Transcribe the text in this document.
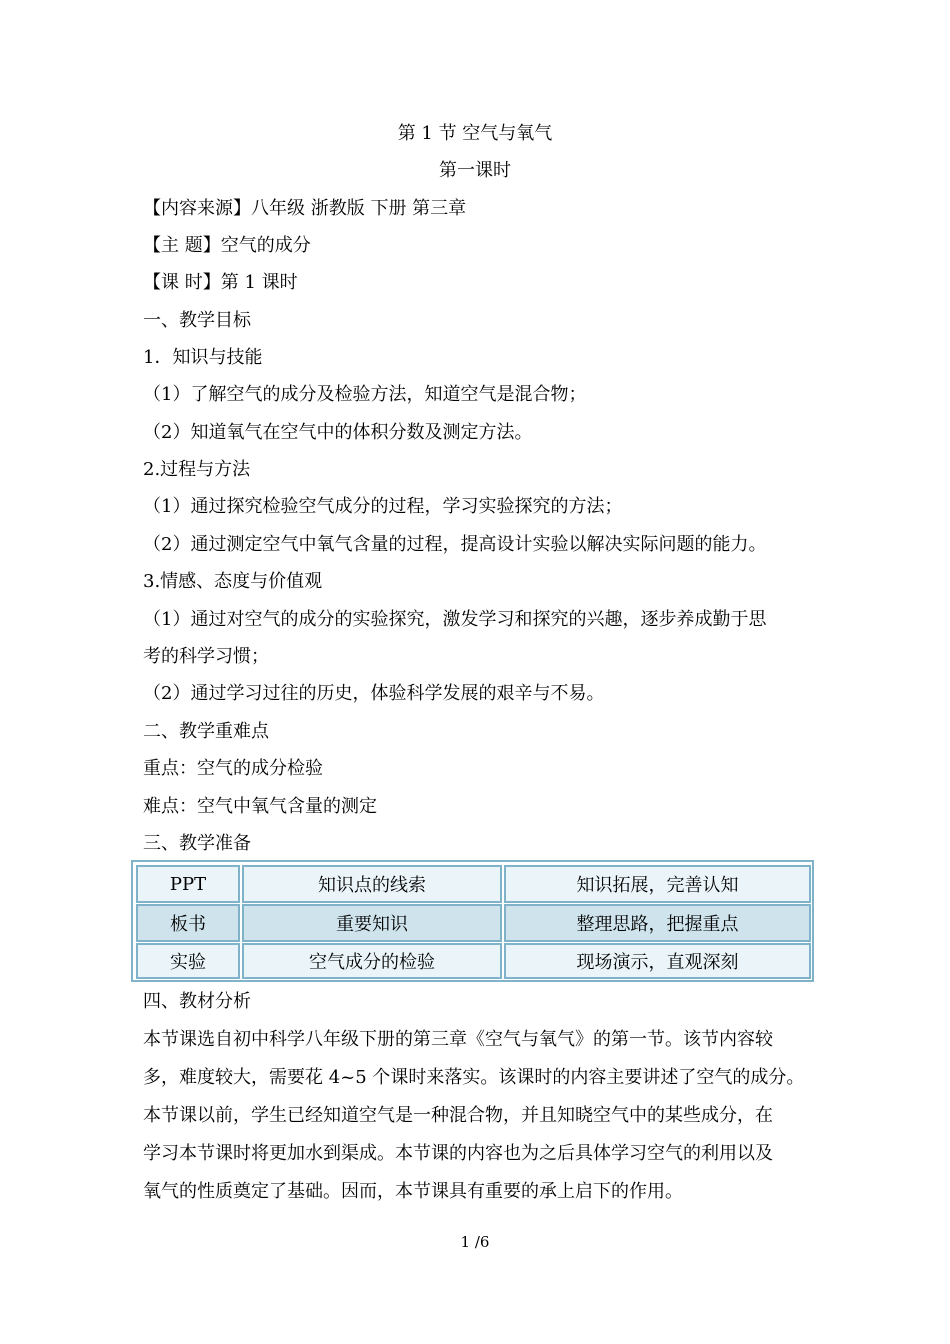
第 1 节 空气与氧气
第一课时
【内容来源】八年级 浙教版 下册 第三章
【主 题】空气的成分
【课 时】第 1 课时
一、教学目标
1．知识与技能
（1）了解空气的成分及检验方法，知道空气是混合物；
（2）知道氧气在空气中的体积分数及测定方法。
2.过程与方法
（1）通过探究检验空气成分的过程，学习实验探究的方法；
（2）通过测定空气中氧气含量的过程，提高设计实验以解决实际问题的能力。
3.情感、态度与价值观
（1）通过对空气的成分的实验探究，激发学习和探究的兴趣，逐步养成勤于思
考的科学习惯；
（2）通过学习过往的历史，体验科学发展的艰辛与不易。
二、教学重难点
重点：空气的成分检验
难点：空气中氧气含量的测定
三、教学准备
PPT	知识点的线索	知识拓展，完善认知
板书	重要知识	整理思路，把握重点
实验	空气成分的检验	现场演示，直观深刻
四、教材分析
本节课选自初中科学八年级下册的第三章《空气与氧气》的第一节。该节内容较
多，难度较大，需要花 4~5 个课时来落实。该课时的内容主要讲述了空气的成分。
本节课以前，学生已经知道空气是一种混合物，并且知晓空气中的某些成分，在
学习本节课时将更加水到渠成。本节课的内容也为之后具体学习空气的利用以及
氧气的性质奠定了基础。因而，本节课具有重要的承上启下的作用。
1 /6
